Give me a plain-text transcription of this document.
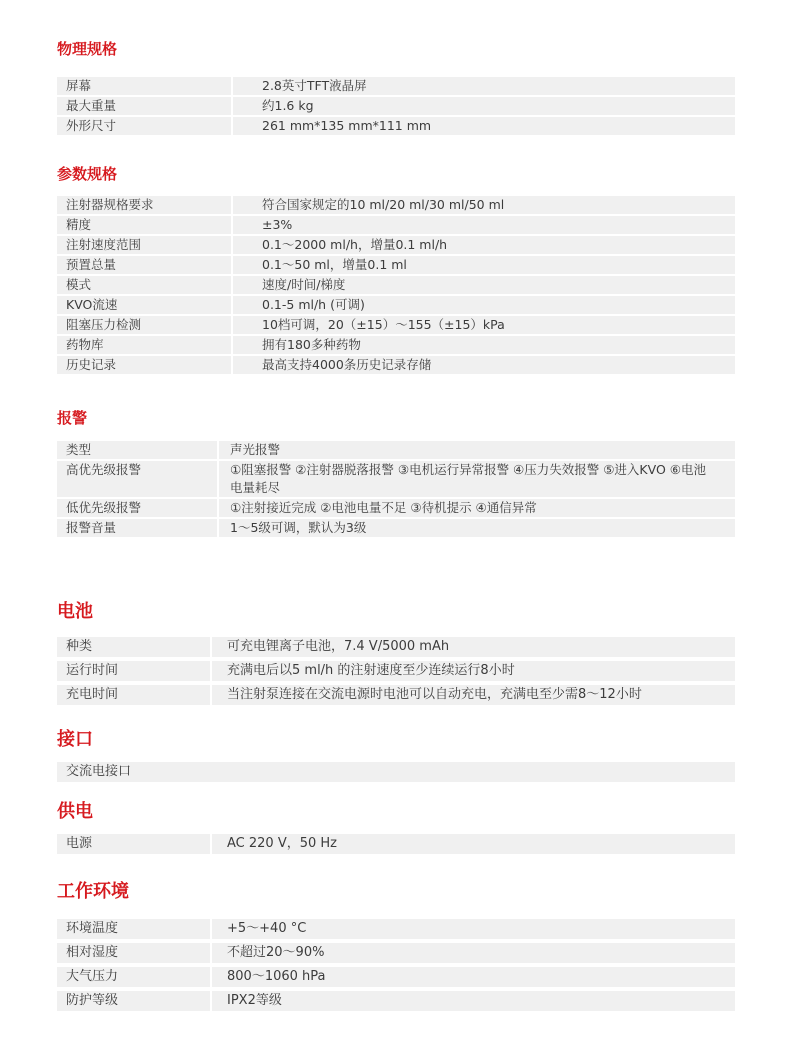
物理规格
屏幕	2.8英寸TFT液晶屏
最大重量	约1.6 kg
外形尺寸	261 mm*135 mm*111 mm
参数规格
注射器规格要求	符合国家规定的10 ml/20 ml/30 ml/50 ml
精度	±3%
注射速度范围	0.1～2000 ml/h，增量0.1 ml/h
预置总量	0.1～50 ml，增量0.1 ml
模式	速度/时间/梯度
KVO流速	0.1-5 ml/h (可调)
阻塞压力检测	10档可调，20（±15）～155（±15）kPa
药物库	拥有180多种药物
历史记录	最高支持4000条历史记录存储
报警
类型	声光报警
高优先级报警	①阻塞报警 ②注射器脱落报警 ③电机运行异常报警 ④压力失效报警 ⑤进入KVO ⑥电池电量耗尽
低优先级报警	①注射接近完成 ②电池电量不足 ③待机提示 ④通信异常
报警音量	1～5级可调，默认为3级
电池
种类	可充电锂离子电池，7.4 V/5000 mAh
运行时间	充满电后以5 ml/h 的注射速度至少连续运行8小时
充电时间	当注射泵连接在交流电源时电池可以自动充电，充满电至少需8～12小时
接口
交流电接口

供电
电源	AC 220 V，50 Hz
工作环境
环境温度	+5～+40 °C
相对湿度	不超过20～90%
大气压力	800～1060 hPa
防护等级	IPX2等级
